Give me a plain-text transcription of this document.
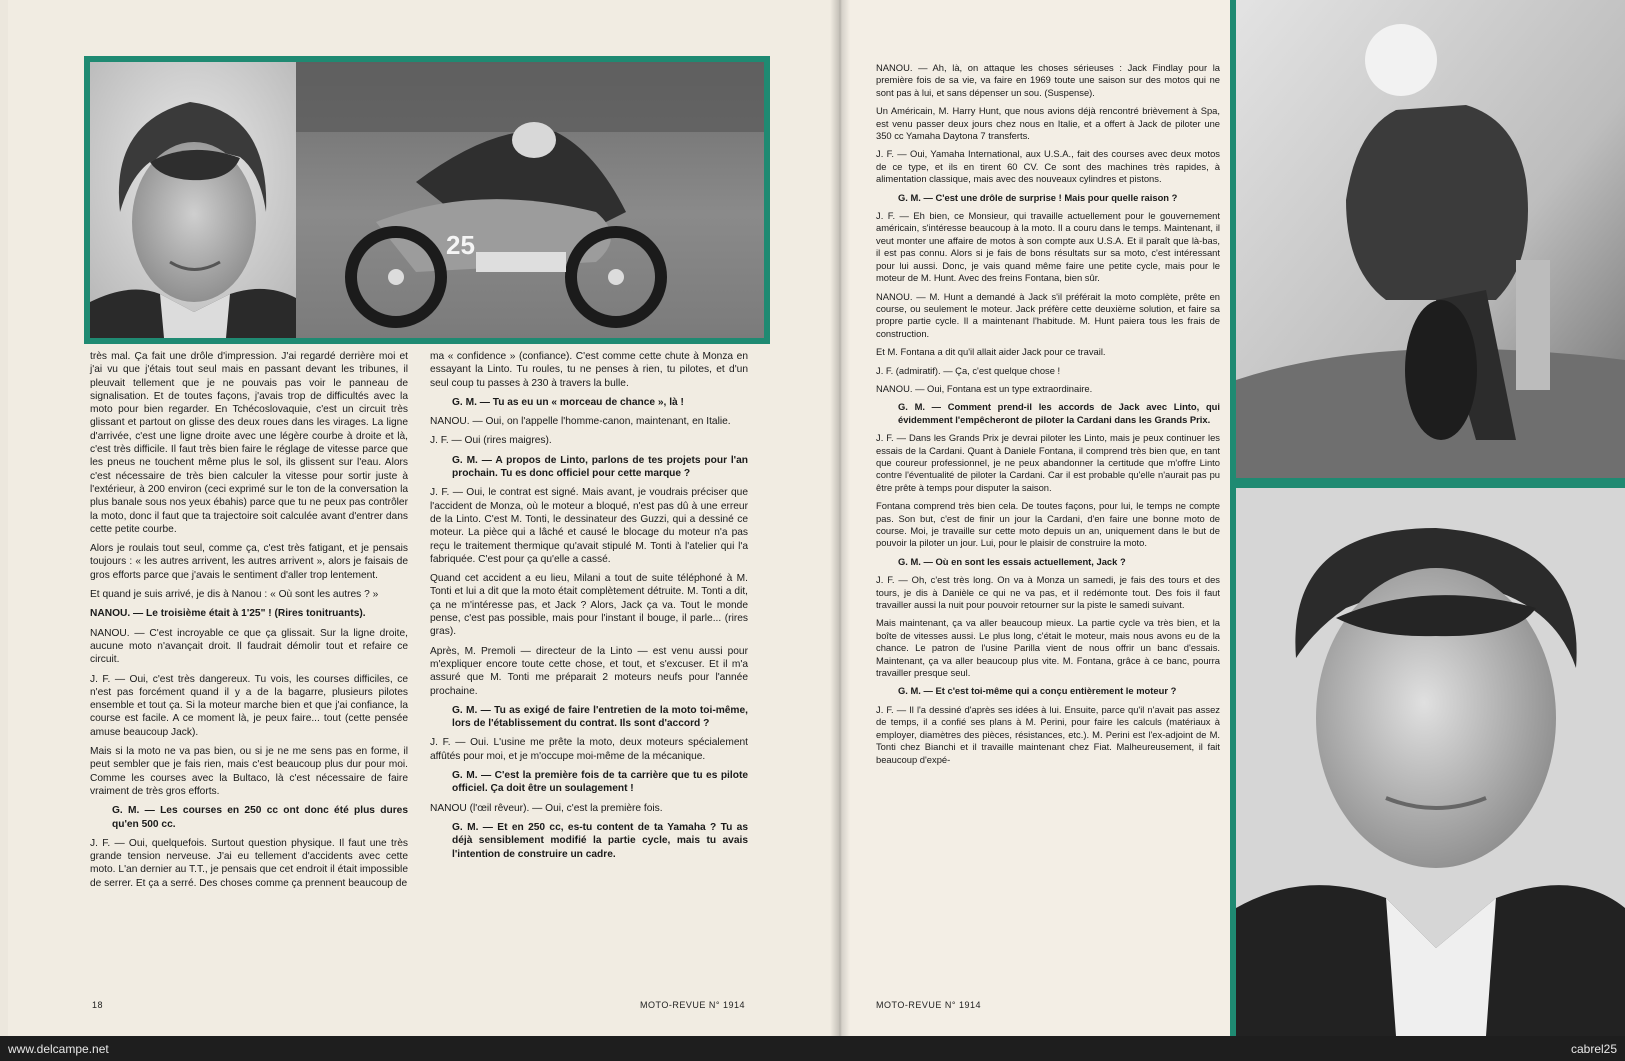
25

très mal. Ça fait une drôle d'impression. J'ai regardé derrière moi et j'ai vu que j'étais tout seul mais en passant devant les tribunes, il pleuvait tellement que je ne pouvais pas voir le panneau de signalisation. Et de toutes façons, j'avais trop de difficultés avec la moto pour bien regarder. En Tchécoslovaquie, c'est un circuit très glissant et partout on glisse des deux roues dans les virages. La ligne d'arrivée, c'est une ligne droite avec une légère courbe à droite et là, c'est très difficile. Il faut très bien faire le réglage de vitesse parce que les pneus ne touchent même plus le sol, ils glissent sur l'eau. Alors c'est nécessaire de très bien calculer la vitesse pour sortir juste à l'extérieur, à 200 environ (ceci exprimé sur le ton de la conversation la plus banale sous nos yeux ébahis) parce que tu ne peux pas contrôler la moto, donc il faut que ta trajectoire soit calculée avant d'entrer dans cette petite courbe.

Alors je roulais tout seul, comme ça, c'est très fatigant, et je pensais toujours : « les autres arrivent, les autres arrivent », alors je faisais de gros efforts parce que j'avais le sentiment d'aller trop lentement.

Et quand je suis arrivé, je dis à Nanou : « Où sont les autres ? »

NANOU. — Le troisième était à 1'25" ! (Rires tonitruants).

NANOU. — C'est incroyable ce que ça glissait. Sur la ligne droite, aucune moto n'avançait droit. Il faudrait démolir tout et refaire ce circuit.

J. F. — Oui, c'est très dangereux. Tu vois, les courses difficiles, ce n'est pas forcément quand il y a de la bagarre, plusieurs pilotes ensemble et tout ça. Si la moteur marche bien et que j'ai confiance, la course est facile. A ce moment là, je peux faire... tout (cette pensée amuse beaucoup Jack).

Mais si la moto ne va pas bien, ou si je ne me sens pas en forme, il peut sembler que je fais rien, mais c'est beaucoup plus dur pour moi. Comme les courses avec la Bultaco, là c'est nécessaire de faire vraiment de très gros efforts.

G. M. — Les courses en 250 cc ont donc été plus dures qu'en 500 cc.

J. F. — Oui, quelquefois. Surtout question physique. Il faut une très grande tension nerveuse. J'ai eu tellement d'accidents avec cette moto. L'an dernier au T.T., je pensais que cet endroit il était impossible de serrer. Et ça a serré. Des choses comme ça prennent beaucoup de

ma « confidence » (confiance). C'est comme cette chute à Monza en essayant la Linto. Tu roules, tu ne penses à rien, tu pilotes, et d'un seul coup tu passes à 230 à travers la bulle.

G. M. — Tu as eu un « morceau de chance », là !

NANOU. — Oui, on l'appelle l'homme-canon, maintenant, en Italie.

J. F. — Oui (rires maigres).

G. M. — A propos de Linto, parlons de tes projets pour l'an prochain. Tu es donc officiel pour cette marque ?

J. F. — Oui, le contrat est signé. Mais avant, je voudrais préciser que l'accident de Monza, où le moteur a bloqué, n'est pas dû à une erreur de la Linto. C'est M. Tonti, le dessinateur des Guzzi, qui a dessiné ce moteur. La pièce qui a lâché et causé le blocage du moteur n'a pas reçu le traitement thermique qu'avait stipulé M. Tonti à l'atelier qui l'a fabriquée. C'est pour ça qu'elle a cassé.

Quand cet accident a eu lieu, Milani a tout de suite téléphoné à M. Tonti et lui a dit que la moto était complètement détruite. M. Tonti a dit, ça ne m'intéresse pas, et Jack ? Alors, Jack ça va. Tout le monde pense, c'est pas possible, mais pour l'instant il bouge, il parle... (rires gras).

Après, M. Premoli — directeur de la Linto — est venu aussi pour m'expliquer encore toute cette chose, et tout, et s'excuser. Et il m'a assuré que M. Tonti me préparait 2 moteurs neufs pour l'année prochaine.

G. M. — Tu as exigé de faire l'entretien de la moto toi-même, lors de l'établissement du contrat. Ils sont d'accord ?

J. F. — Oui. L'usine me prête la moto, deux moteurs spécialement affûtés pour moi, et je m'occupe moi-même de la mécanique.

G. M. — C'est la première fois de ta carrière que tu es pilote officiel. Ça doit être un soulagement !

NANOU (l'œil rêveur). — Oui, c'est la première fois.

G. M. — Et en 250 cc, es-tu content de ta Yamaha ? Tu as déjà sensiblement modifié la partie cycle, mais tu avais l'intention de construire un cadre.

18	MOTO-REVUE N° 1914

NANOU. — Ah, là, on attaque les choses sérieuses : Jack Findlay pour la première fois de sa vie, va faire en 1969 toute une saison sur des motos qui ne sont pas à lui, et sans dépenser un sou. (Suspense).

Un Américain, M. Harry Hunt, que nous avions déjà rencontré brièvement à Spa, est venu passer deux jours chez nous en Italie, et a offert à Jack de piloter une 350 cc Yamaha Daytona 7 transferts.

J. F. — Oui, Yamaha International, aux U.S.A., fait des courses avec deux motos de ce type, et ils en tirent 60 CV. Ce sont des machines très rapides, à alimentation classique, mais avec des nouveaux cylindres et pistons.

G. M. — C'est une drôle de surprise ! Mais pour quelle raison ?

J. F. — Eh bien, ce Monsieur, qui travaille actuellement pour le gouvernement américain, s'intéresse beaucoup à la moto. Il a couru dans le temps. Maintenant, il veut monter une affaire de motos à son compte aux U.S.A. Et il paraît que là-bas, il est pas connu. Alors si je fais de bons résultats sur sa moto, c'est intéressant pour lui aussi. Donc, je vais quand même faire une petite cycle, mais pour le moteur de M. Hunt. Avec des freins Fontana, bien sûr.

NANOU. — M. Hunt a demandé à Jack s'il préférait la moto complète, prête en course, ou seulement le moteur. Jack préfère cette deuxième solution, et faire sa propre partie cycle. Il a maintenant l'habitude. M. Hunt paiera tous les frais de construction.

Et M. Fontana a dit qu'il allait aider Jack pour ce travail.

J. F. (admiratif). — Ça, c'est quelque chose !

NANOU. — Oui, Fontana est un type extraordinaire.

G. M. — Comment prend-il les accords de Jack avec Linto, qui évidemment l'empêcheront de piloter la Cardani dans les Grands Prix.

J. F. — Dans les Grands Prix je devrai piloter les Linto, mais je peux continuer les essais de la Cardani. Quant à Daniele Fontana, il comprend très bien que, en tant que coureur professionnel, je ne peux abandonner la certitude que m'offre Linto contre l'éventualité de piloter la Cardani. Car il est probable qu'elle n'aurait pas pu être prête à temps pour disputer la saison.

Fontana comprend très bien cela. De toutes façons, pour lui, le temps ne compte pas. Son but, c'est de finir un jour la Cardani, d'en faire une bonne moto de course. Moi, je travaille sur cette moto depuis un an, uniquement dans le but de pouvoir la piloter un jour. Lui, pour le plaisir de construire la moto.

G. M. — Où en sont les essais actuellement, Jack ?

J. F. — Oh, c'est très long. On va à Monza un samedi, je fais des tours et des tours, je dis à Danièle ce qui ne va pas, et il redémonte tout. Des fois il faut travailler aussi la nuit pour pouvoir retourner sur la piste le samedi suivant.

Mais maintenant, ça va aller beaucoup mieux. La partie cycle va très bien, et la boîte de vitesses aussi. Le plus long, c'était le moteur, mais nous avons eu de la chance. Le patron de l'usine Parilla vient de nous offrir un banc d'essais. Maintenant, ça va aller beaucoup plus vite. M. Fontana, grâce à ce banc, pourra travailler presque seul.

G. M. — Et c'est toi-même qui a conçu entièrement le moteur ?

J. F. — Il l'a dessiné d'après ses idées à lui. Ensuite, parce qu'il n'avait pas assez de temps, il a confié ses plans à M. Perini, pour faire les calculs (matériaux à employer, diamètres des pièces, résistances, etc.). M. Perini est l'ex-adjoint de M. Tonti chez Bianchi et il travaille maintenant chez Fiat. Malheureusement, il fait beaucoup d'expé-

MOTO-REVUE N° 1914
www.delcampe.net	cabrel25
